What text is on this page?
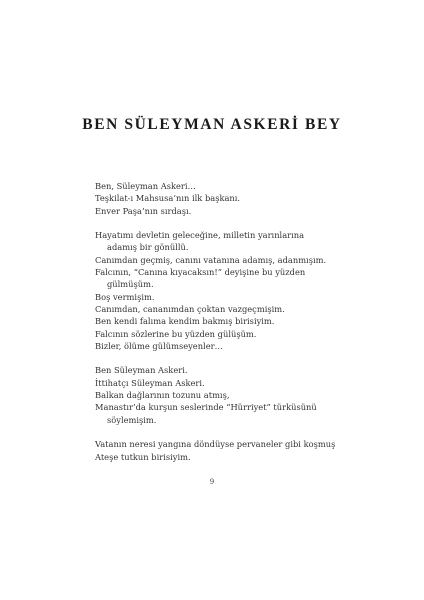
BEN SÜLEYMAN ASKERİ BEY
Ben, Süleyman Askeri…
Teşkilat-ı Mahsusa’nın ilk başkanı.
Enver Paşa’nın sırdaşı.
Hayatımı devletin geleceğine, milletin yarınlarına
adamış bir gönüllü.
Canımdan geçmiş, canını vatanına adamış, adanmışım.
Falcının, “Canına kıyacaksın!” deyişine bu yüzden
gülmüşüm.
Boş vermişim.
Canımdan, cananımdan çoktan vazgeçmişim.
Ben kendi falıma kendim bakmış birisiyim.
Falcının sözlerine bu yüzden gülüşüm.
Bizler, ölüme gülümseyenler…
Ben Süleyman Askeri.
İttihatçı Süleyman Askeri.
Balkan dağlarının tozunu atmış,
Manastır’da kurşun seslerinde “Hürriyet” türküsünü
söylemişim.
Vatanın neresi yangına döndüyse pervaneler gibi koşmuş
Ateşe tutkun birisiyim.
9
